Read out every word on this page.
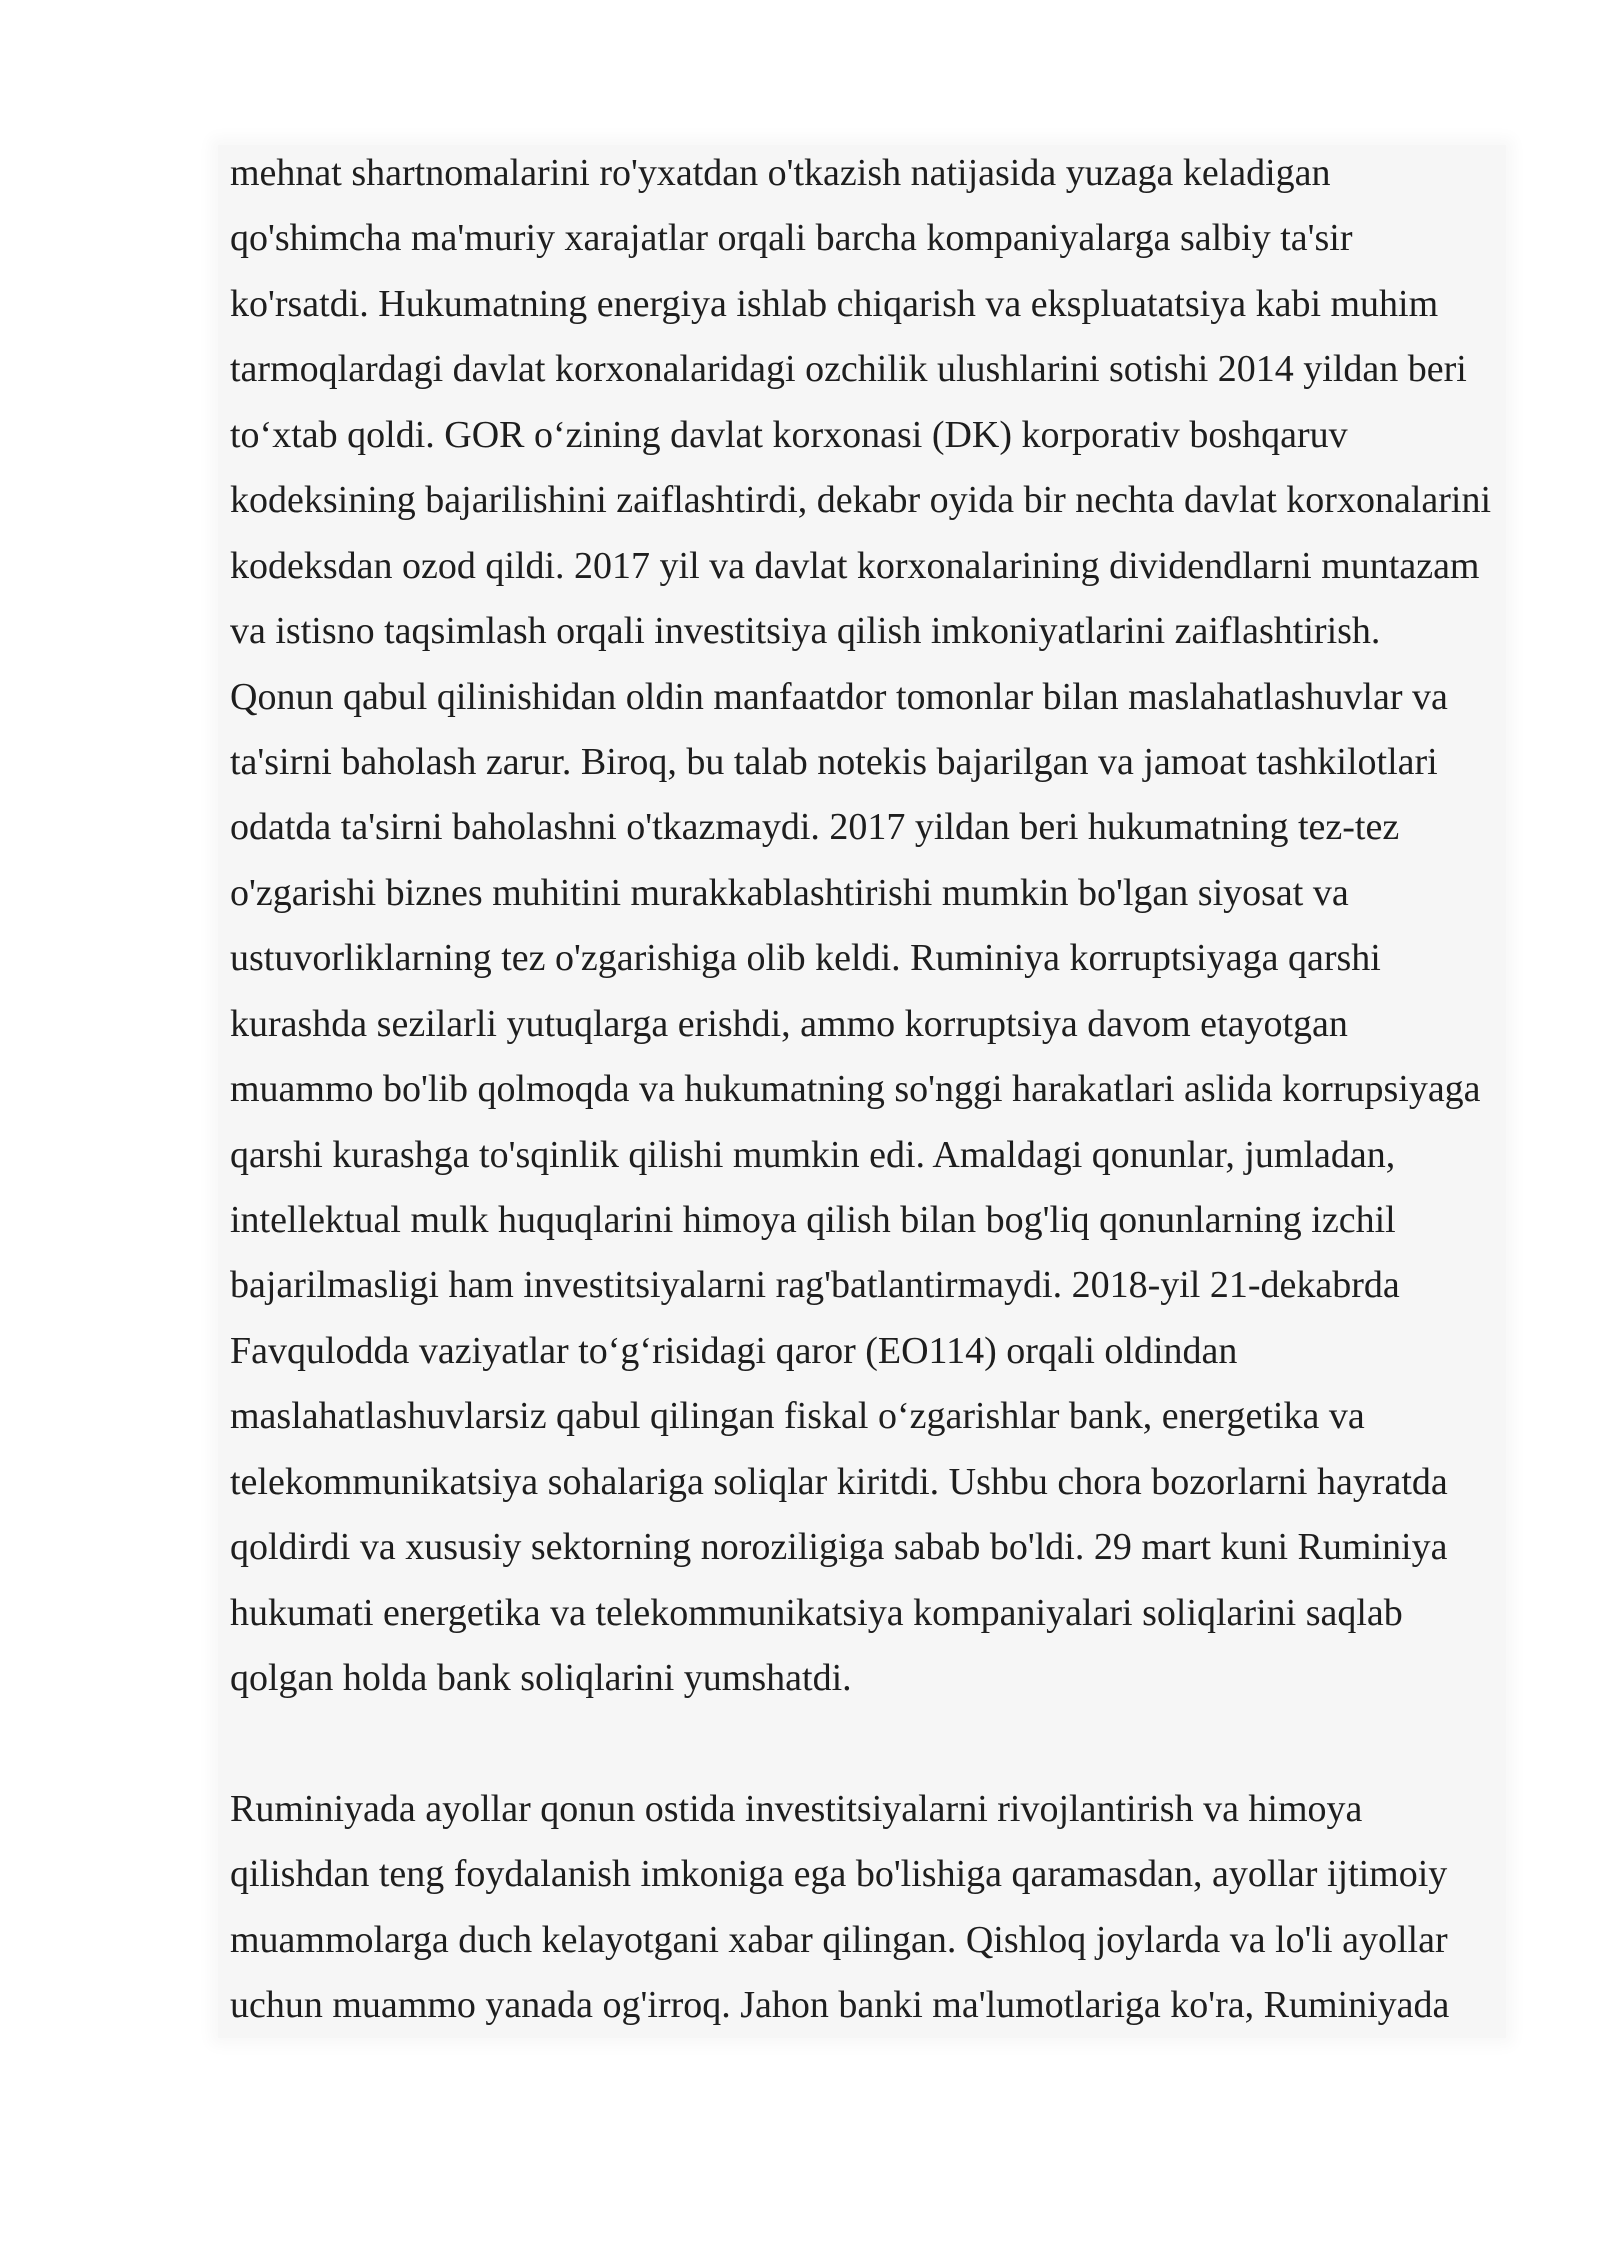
mehnat shartnomalarini ro'yxatdan o'tkazish natijasida yuzaga keladigan
qo'shimcha ma'muriy xarajatlar orqali barcha kompaniyalarga salbiy ta'sir
ko'rsatdi. Hukumatning energiya ishlab chiqarish va ekspluatatsiya kabi muhim
tarmoqlardagi davlat korxonalaridagi ozchilik ulushlarini sotishi 2014 yildan beri
to‘xtab qoldi. GOR o‘zining davlat korxonasi (DK) korporativ boshqaruv
kodeksining bajarilishini zaiflashtirdi, dekabr oyida bir nechta davlat korxonalarini
kodeksdan ozod qildi. 2017 yil va davlat korxonalarining dividendlarni muntazam
va istisno taqsimlash orqali investitsiya qilish imkoniyatlarini zaiflashtirish.
Qonun qabul qilinishidan oldin manfaatdor tomonlar bilan maslahatlashuvlar va
ta'sirni baholash zarur. Biroq, bu talab notekis bajarilgan va jamoat tashkilotlari
odatda ta'sirni baholashni o'tkazmaydi. 2017 yildan beri hukumatning tez-tez
o'zgarishi biznes muhitini murakkablashtirishi mumkin bo'lgan siyosat va
ustuvorliklarning tez o'zgarishiga olib keldi. Ruminiya korruptsiyaga qarshi
kurashda sezilarli yutuqlarga erishdi, ammo korruptsiya davom etayotgan
muammo bo'lib qolmoqda va hukumatning so'nggi harakatlari aslida korrupsiyaga
qarshi kurashga to'sqinlik qilishi mumkin edi. Amaldagi qonunlar, jumladan,
intellektual mulk huquqlarini himoya qilish bilan bog'liq qonunlarning izchil
bajarilmasligi ham investitsiyalarni rag'batlantirmaydi. 2018-yil 21-dekabrda
Favqulodda vaziyatlar to‘g‘risidagi qaror (EO114) orqali oldindan
maslahatlashuvlarsiz qabul qilingan fiskal o‘zgarishlar bank, energetika va
telekommunikatsiya sohalariga soliqlar kiritdi. Ushbu chora bozorlarni hayratda
qoldirdi va xususiy sektorning noroziligiga sabab bo'ldi. 29 mart kuni Ruminiya
hukumati energetika va telekommunikatsiya kompaniyalari soliqlarini saqlab
qolgan holda bank soliqlarini yumshatdi.
Ruminiyada ayollar qonun ostida investitsiyalarni rivojlantirish va himoya
qilishdan teng foydalanish imkoniga ega bo'lishiga qaramasdan, ayollar ijtimoiy
muammolarga duch kelayotgani xabar qilingan. Qishloq joylarda va lo'li ayollar
uchun muammo yanada og'irroq. Jahon banki ma'lumotlariga ko'ra, Ruminiyada
